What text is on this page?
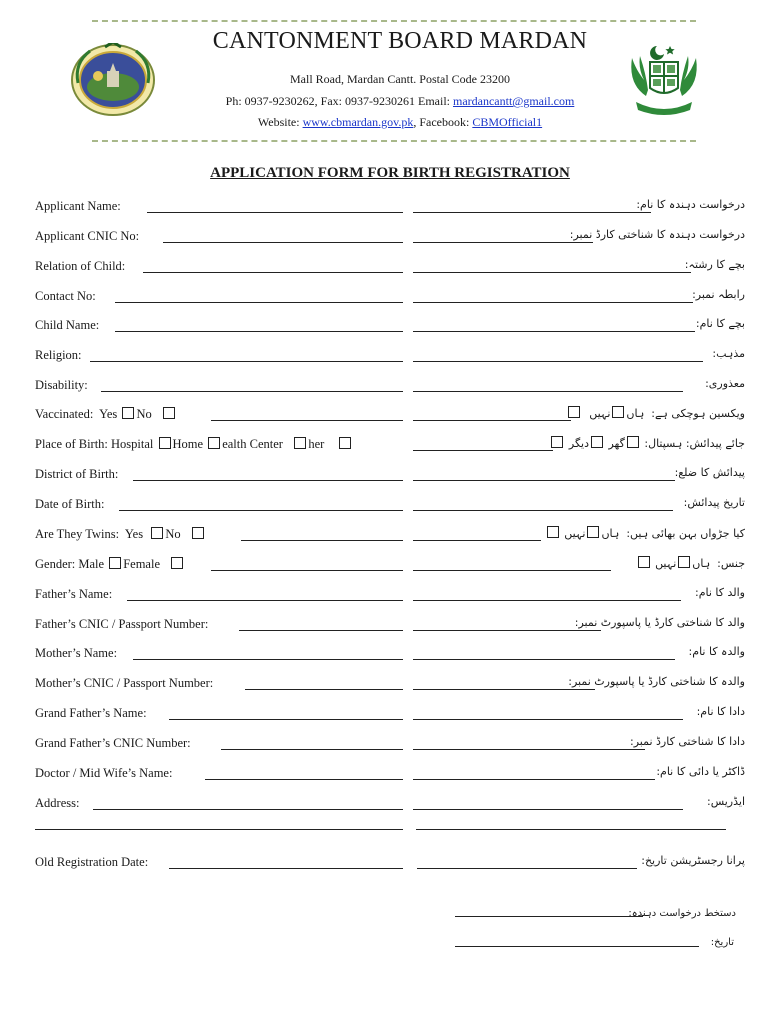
CANTONMENT BOARD MARDAN
Mall Road, Mardan Cantt. Postal Code 23200
Ph: 0937-9230262, Fax: 0937-9230261 Email: mardancantt@gmail.com
Website: www.cbmardan.gov.pk, Facebook: CBMOfficial1
APPLICATION FORM FOR BIRTH REGISTRATION
Applicant Name:	درخواست دہندہ کا نام:
Applicant CNIC No:	درخواست دہندہ کا شناختی کارڈ نمبر:
Relation of Child:	بچے کا رشتہ:
Contact No:	رابطہ نمبر:
Child Name:	بچے کا نام:
Religion:	مذہب:
Disability:	معذوری:
Vaccinated: Yes No	ویکسین ہوچکی ہے:  ہاںنہیں
Place of Birth: Hospital Home ealth Center her	جائے پیدائش: ہسپتال: گھر دیگر
District of Birth:	پیدائش کا ضلع:
Date of Birth:	تاریخ پیدائش:
Are They Twins: Yes No	کیا جڑواں بہن بھائی ہیں:  ہاںنہیں
Gender: Male Female	جنس:  ہاںنہیں
Father’s Name:	والد کا نام:
Father’s CNIC / Passport Number:	والد کا شناختی کارڈ یا پاسپورٹ نمبر:
Mother’s Name:	والدہ کا نام:
Mother’s CNIC / Passport Number:	والدہ کا شناختی کارڈ یا پاسپورٹ نمبر:
Grand Father’s Name:	دادا کا نام:
Grand Father’s CNIC Number:	دادا کا شناختی کارڈ نمبر:
Doctor / Mid Wife’s Name:	ڈاکٹر یا دائی کا نام:
Address:	ایڈریس:
Old Registration Date:	پرانا رجسٹریشن تاریخ:
دستخط درخواست دہندہ:
تاریخ:
